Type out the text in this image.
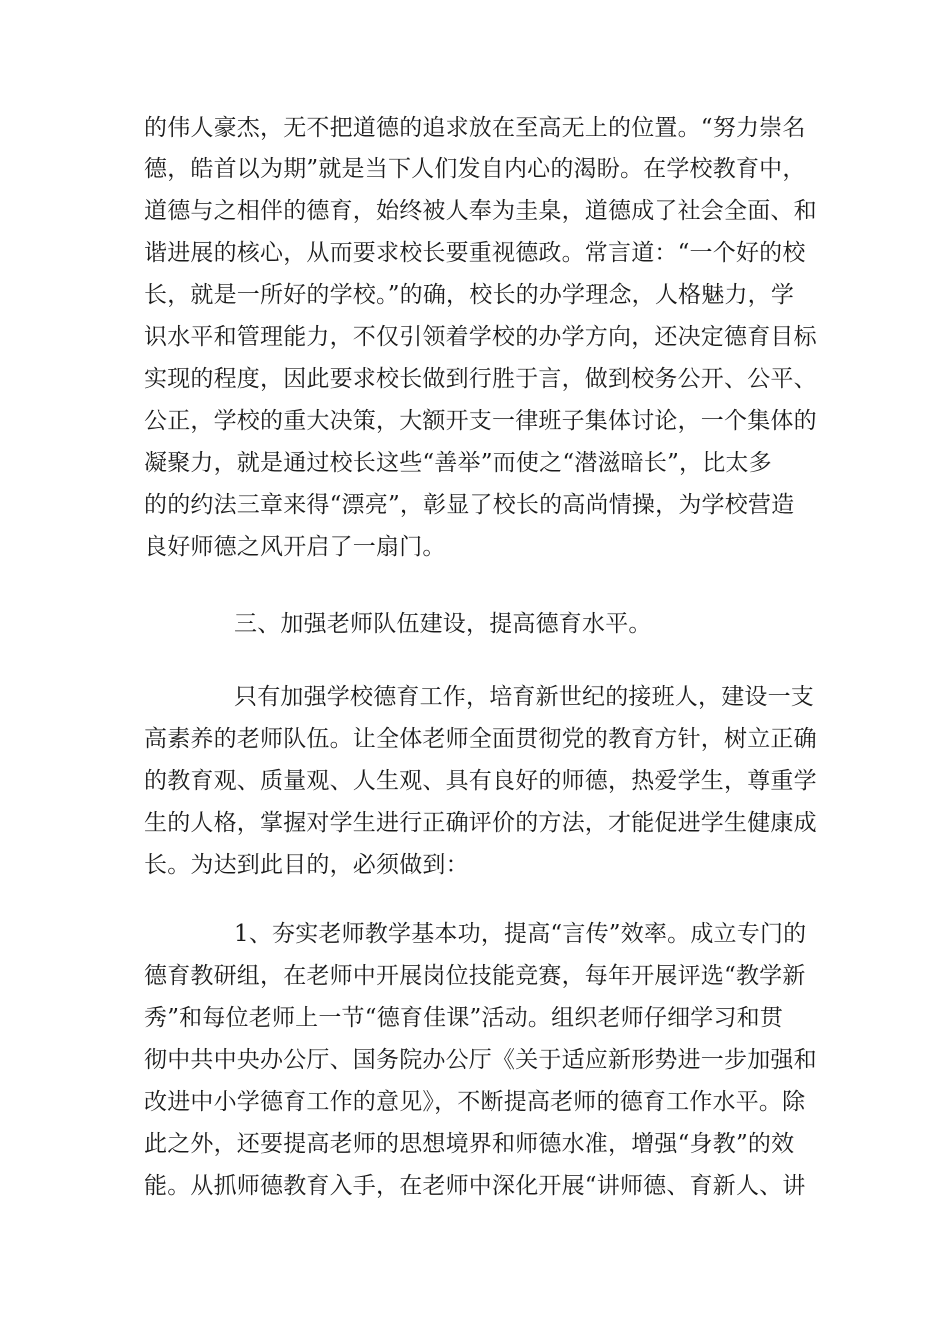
的伟人豪杰，无不把道德的追求放在至高无上的位置。“努力崇名
德，皓首以为期”就是当下人们发自内心的渴盼。在学校教育中，
道德与之相伴的德育，始终被人奉为圭臬，道德成了社会全面、和
谐进展的核心，从而要求校长要重视德政。常言道：“一个好的校
长，就是一所好的学校。”的确，校长的办学理念，人格魅力，学
识水平和管理能力，不仅引领着学校的办学方向，还决定德育目标
实现的程度，因此要求校长做到行胜于言，做到校务公开、公平、
公正，学校的重大决策，大额开支一律班子集体讨论，一个集体的
凝聚力，就是通过校长这些“善举”而使之“潜滋暗长”，比太多
的的约法三章来得“漂亮”，彰显了校长的高尚情操，为学校营造
良好师德之风开启了一扇门。
三、加强老师队伍建设，提高德育水平。
只有加强学校德育工作，培育新世纪的接班人，建设一支
高素养的老师队伍。让全体老师全面贯彻党的教育方针，树立正确
的教育观、质量观、人生观、具有良好的师德，热爱学生，尊重学
生的人格，掌握对学生进行正确评价的方法，才能促进学生健康成
长。为达到此目的，必须做到：
1、夯实老师教学基本功，提高“言传”效率。成立专门的
德育教研组，在老师中开展岗位技能竞赛，每年开展评选“教学新
秀”和每位老师上一节“德育佳课”活动。组织老师仔细学习和贯
彻中共中央办公厅、国务院办公厅《关于适应新形势进一步加强和
改进中小学德育工作的意见》，不断提高老师的德育工作水平。除
此之外，还要提高老师的思想境界和师德水准，增强“身教”的效
能。从抓师德教育入手，在老师中深化开展“讲师德、育新人、讲
